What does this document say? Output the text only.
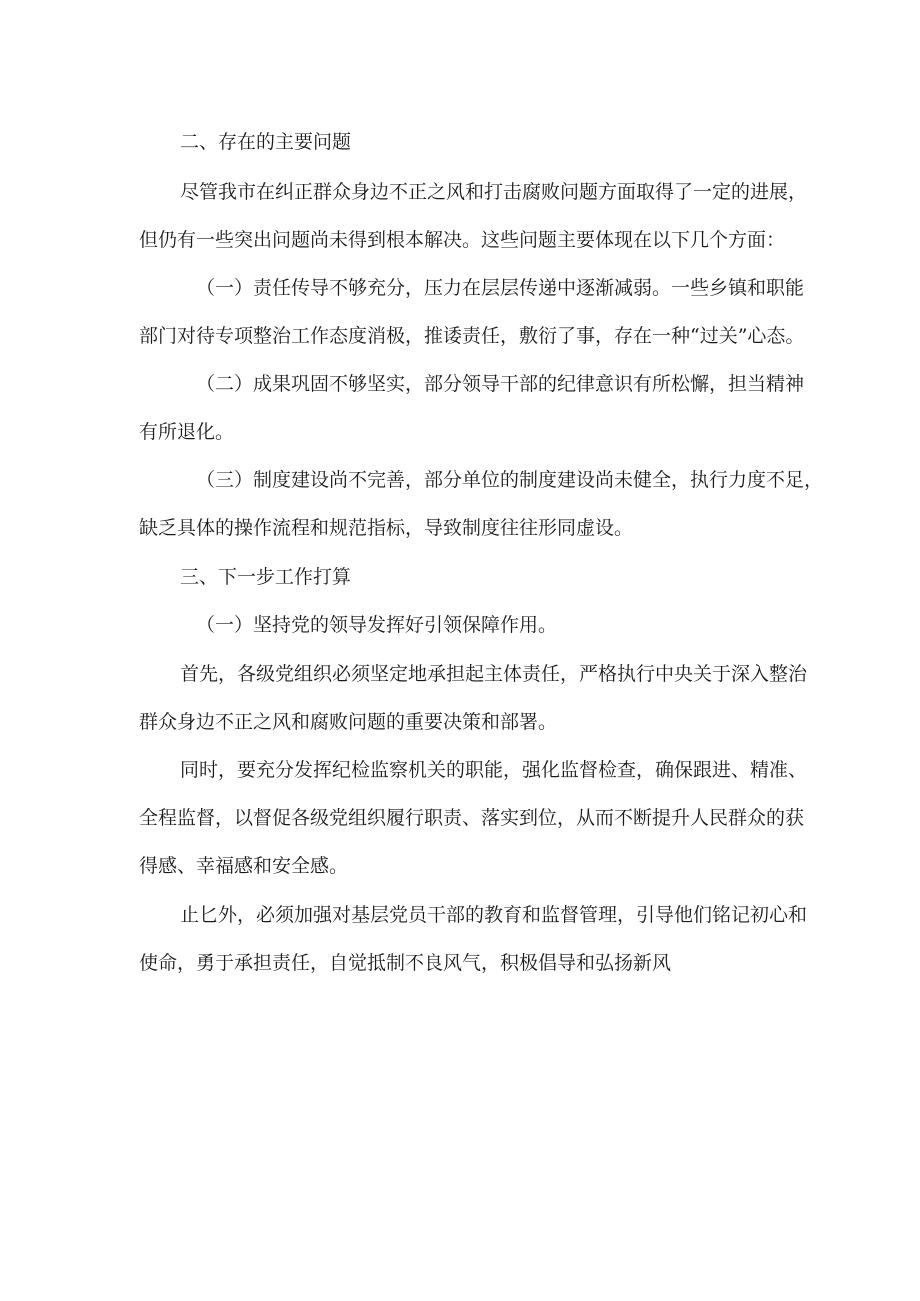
二、存在的主要问题
尽管我市在纠正群众身边不正之风和打击腐败问题方面取得了一定的进展，
但仍有一些突出问题尚未得到根本解决。这些问题主要体现在以下几个方面：
（一）责任传导不够充分，压力在层层传递中逐渐减弱。一些乡镇和职能
部门对待专项整治工作态度消极，推诿责任，敷衍了事，存在一种“过关”心态。
（二）成果巩固不够坚实，部分领导干部的纪律意识有所松懈，担当精神
有所退化。
（三）制度建设尚不完善，部分单位的制度建设尚未健全，执行力度不足，
缺乏具体的操作流程和规范指标，导致制度往往形同虚设。
三、下一步工作打算
（一）坚持党的领导发挥好引领保障作用。
首先，各级党组织必须坚定地承担起主体责任，严格执行中央关于深入整治
群众身边不正之风和腐败问题的重要决策和部署。
同时，要充分发挥纪检监察机关的职能，强化监督检查，确保跟进、精准、
全程监督，以督促各级党组织履行职责、落实到位，从而不断提升人民群众的获
得感、幸福感和安全感。
止匕外，必须加强对基层党员干部的教育和监督管理，引导他们铭记初心和
使命，勇于承担责任，自觉抵制不良风气，积极倡导和弘扬新风
